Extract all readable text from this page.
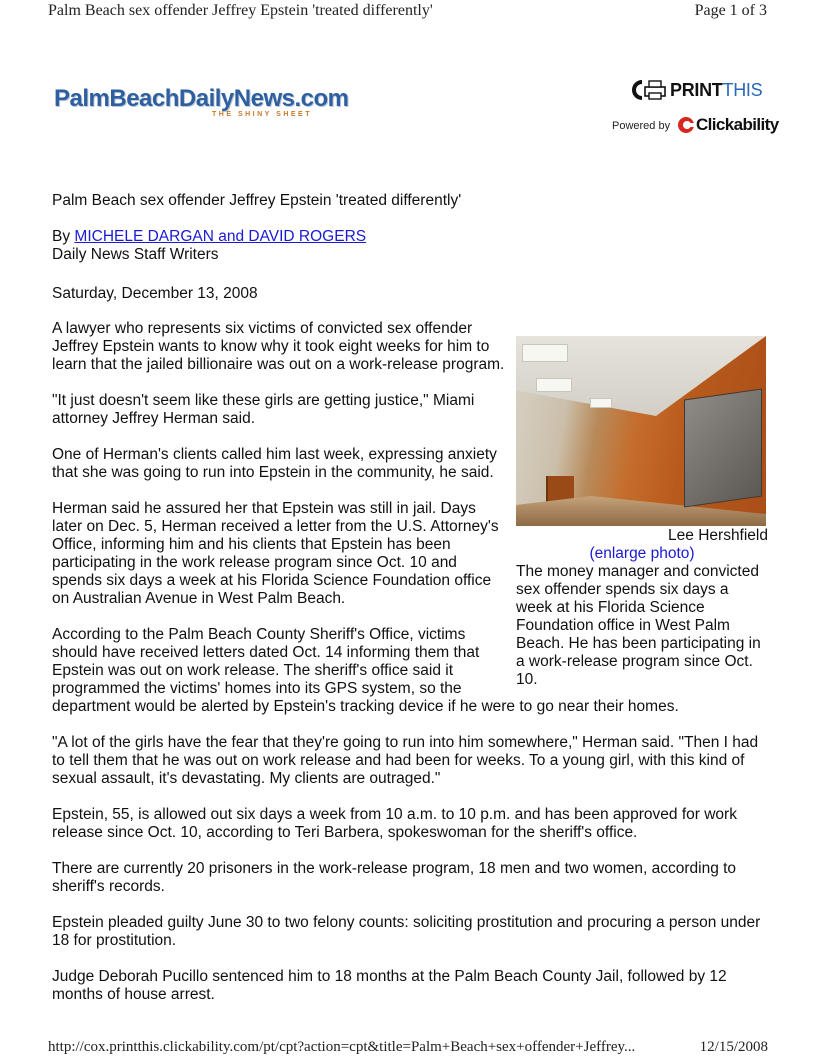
Palm Beach sex offender Jeffrey Epstein 'treated differently'	Page 1 of 3
PalmBeachDailyNews.com
THE SHINY SHEET
PRINTTHIS
Powered by Clickability
Palm Beach sex offender Jeffrey Epstein 'treated differently'
By MICHELE DARGAN and DAVID ROGERS
Daily News Staff Writers
Saturday, December 13, 2008
Lee Hershfield
(enlarge photo)
The money manager and convicted sex offender spends six days a week at his Florida Science Foundation office in West Palm Beach. He has been participating in a work-release program since Oct. 10.

A lawyer who represents six victims of convicted sex offender Jeffrey Epstein wants to know why it took eight weeks for him to learn that the jailed billionaire was out on a work-release program.

"It just doesn't seem like these girls are getting justice," Miami attorney Jeffrey Herman said.

One of Herman's clients called him last week, expressing anxiety that she was going to run into Epstein in the community, he said.

Herman said he assured her that Epstein was still in jail. Days later on Dec. 5, Herman received a letter from the U.S. Attorney's Office, informing him and his clients that Epstein has been participating in the work release program since Oct. 10 and spends six days a week at his Florida Science Foundation office on Australian Avenue in West Palm Beach.

According to the Palm Beach County Sheriff's Office, victims should have received letters dated Oct. 14 informing them that Epstein was out on work release. The sheriff's office said it programmed the victims' homes into its GPS system, so the department would be alerted by Epstein's tracking device if he were to go near their homes.

"A lot of the girls have the fear that they're going to run into him somewhere," Herman said. "Then I had to tell them that he was out on work release and had been for weeks. To a young girl, with this kind of sexual assault, it's devastating. My clients are outraged."

Epstein, 55, is allowed out six days a week from 10 a.m. to 10 p.m. and has been approved for work release since Oct. 10, according to Teri Barbera, spokeswoman for the sheriff's office.

There are currently 20 prisoners in the work-release program, 18 men and two women, according to sheriff's records.

Epstein pleaded guilty June 30 to two felony counts: soliciting prostitution and procuring a person under 18 for prostitution.

Judge Deborah Pucillo sentenced him to 18 months at the Palm Beach County Jail, followed by 12 months of house arrest.

http://cox.printthis.clickability.com/pt/cpt?action=cpt&title=Palm+Beach+sex+offender+Jeffrey...	12/15/2008
